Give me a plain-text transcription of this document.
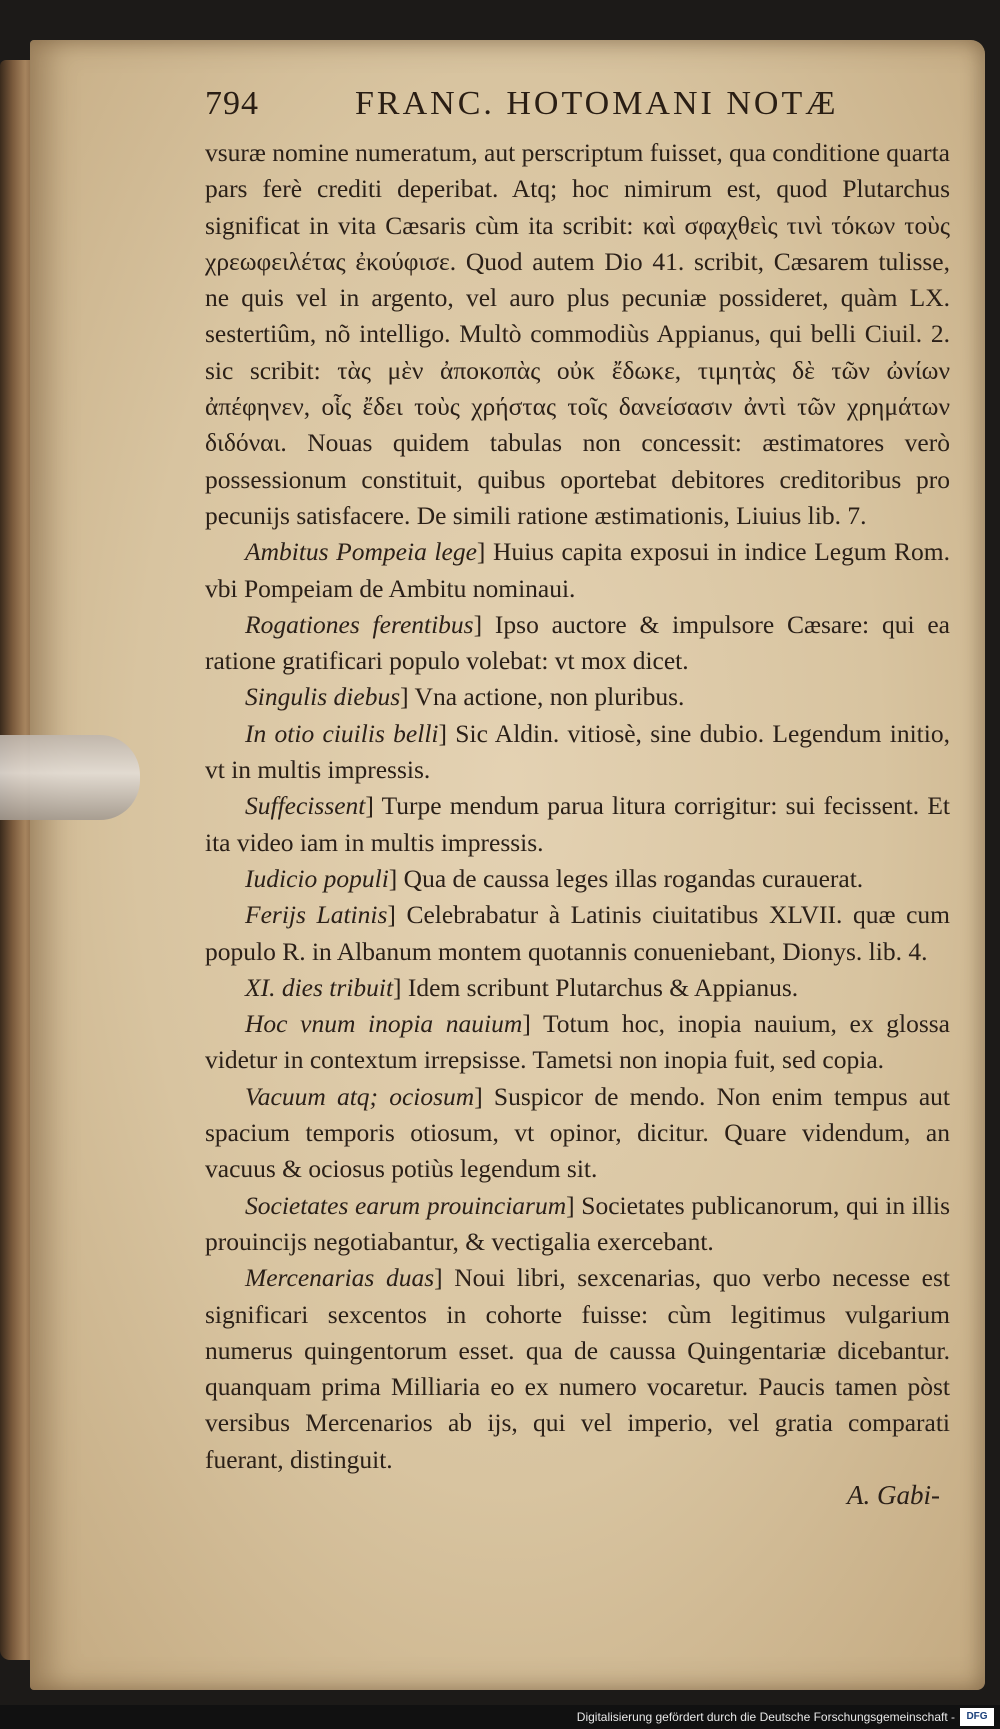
794	FRANC. HOTOMANI NOTÆ

vsuræ nomine numeratum, aut perscriptum fuisset, qua conditione quarta pars ferè crediti deperibat. Atq; hoc nimirum est, quod Plutarchus significat in vita Cæsaris cùm ita scribit: καὶ σφαχθεὶς τινὶ τόκων τοὺς χρεωφειλέτας ἐκούφισε. Quod autem Dio 41. scribit, Cæsarem tulisse, ne quis vel in argento, vel auro plus pecuniæ possideret, quàm LX. sestertiûm, nõ intelligo. Multò commodiùs Appianus, qui belli Ciuil. 2. sic scribit: τὰς μὲν ἀποκοπὰς οὐκ ἔδωκε, τιμητὰς δὲ τῶν ὠνίων ἀπέφηνεν, οἷς ἔδει τοὺς χρήστας τοῖς δανείσασιν ἀντὶ τῶν χρημάτων διδόναι. Nouas quidem tabulas non concessit: æstimatores verò possessionum constituit, quibus oportebat debitores creditoribus pro pecunijs satisfacere. De simili ratione æstimationis, Liuius lib. 7.

Ambitus Pompeia lege] Huius capita exposui in indice Legum Rom. vbi Pompeiam de Ambitu nominaui.

Rogationes ferentibus] Ipso auctore & impulsore Cæsare: qui ea ratione gratificari populo volebat: vt mox dicet.

Singulis diebus] Vna actione, non pluribus.

In otio ciuilis belli] Sic Aldin. vitiosè, sine dubio. Legendum initio, vt in multis impressis.

Suffecissent] Turpe mendum parua litura corrigitur: sui fecissent. Et ita video iam in multis impressis.

Iudicio populi] Qua de caussa leges illas rogandas curauerat.

Ferijs Latinis] Celebrabatur à Latinis ciuitatibus XLVII. quæ cum populo R. in Albanum montem quotannis conueniebant, Dionys. lib. 4.

XI. dies tribuit] Idem scribunt Plutarchus & Appianus.

Hoc vnum inopia nauium] Totum hoc, inopia nauium, ex glossa videtur in contextum irrepsisse. Tametsi non inopia fuit, sed copia.

Vacuum atq; ociosum] Suspicor de mendo. Non enim tempus aut spacium temporis otiosum, vt opinor, dicitur. Quare videndum, an vacuus & ociosus potiùs legendum sit.

Societates earum prouinciarum] Societates publicanorum, qui in illis prouincijs negotiabantur, & vectigalia exercebant.

Mercenarias duas] Noui libri, sexcenarias, quo verbo necesse est significari sexcentos in cohorte fuisse: cùm legitimus vulgarium numerus quingentorum esset. qua de caussa Quingentariæ dicebantur. quanquam prima Milliaria eo ex numero vocaretur. Paucis tamen pòst versibus Mercenarios ab ijs, qui vel imperio, vel gratia comparati fuerant, distinguit.

A. Gabi-
Digitalisierung gefördert durch die Deutsche Forschungsgemeinschaft -	DFG
